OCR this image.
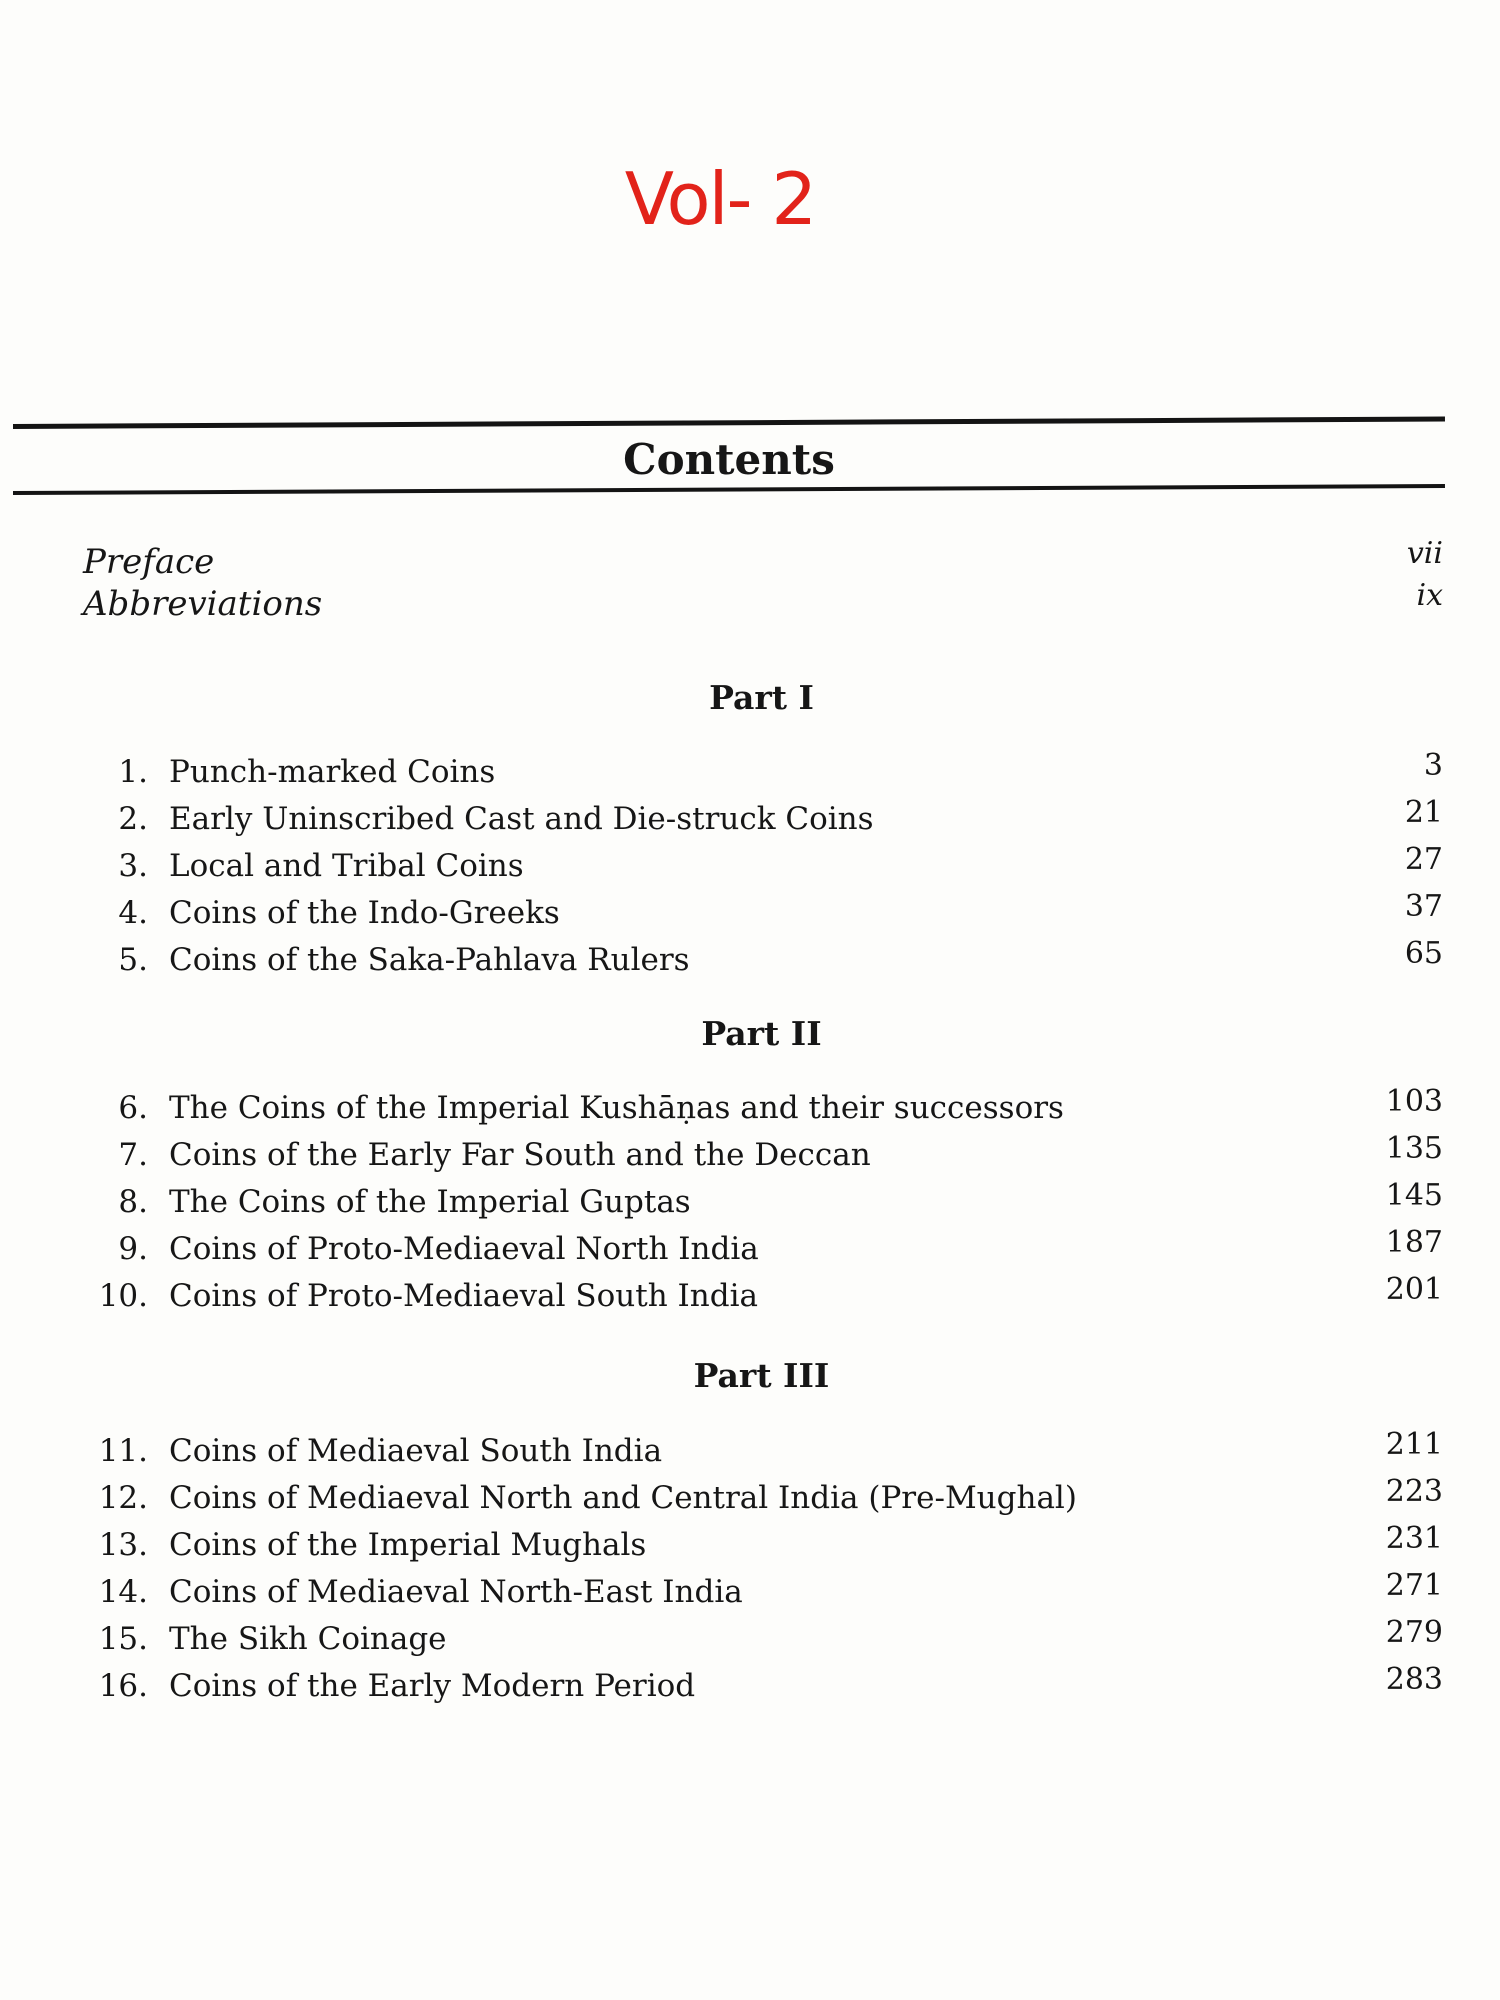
Vol- 2
Contents
Preface	vii
Abbreviations	ix
Part I
1. Punch-marked Coins	3
2. Early Uninscribed Cast and Die-struck Coins	21
3. Local and Tribal Coins	27
4. Coins of the Indo-Greeks	37
5. Coins of the Saka-Pahlava Rulers	65
Part II
6. The Coins of the Imperial Kushāṇas and their successors	103
7. Coins of the Early Far South and the Deccan	135
8. The Coins of the Imperial Guptas	145
9. Coins of Proto-Mediaeval North India	187
10. Coins of Proto-Mediaeval South India	201
Part III
11. Coins of Mediaeval South India	211
12. Coins of Mediaeval North and Central India (Pre-Mughal)	223
13. Coins of the Imperial Mughals	231
14. Coins of Mediaeval North-East India	271
15. The Sikh Coinage	279
16. Coins of the Early Modern Period	283
